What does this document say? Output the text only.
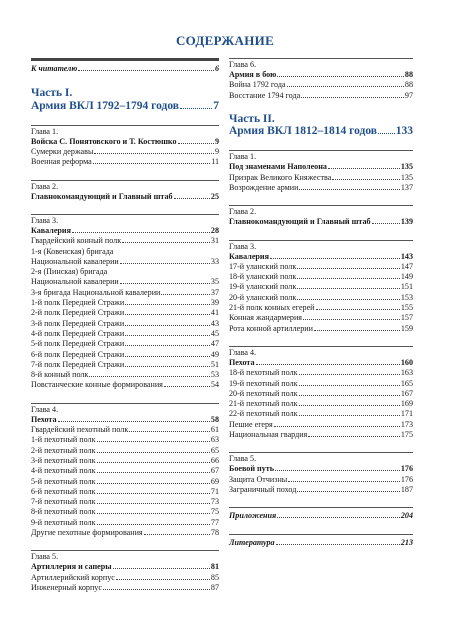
СОДЕРЖАНИЕ
К читателю	6
Часть I.
Армия ВКЛ 1792–1794 годов	7
Глава 1.
Войска С. Понятовского и Т. Костюшко	9
Сумерки державы	9
Военная реформа	11
Глава 2.
Главнокомандующий и Главный штаб	25
Глава 3.
Кавалерия	28
Гвардейский конный полк	31
1-я (Ковенская) бригада
Национальной кавалерии	33
2-я (Пинская) бригада
Национальной кавалерии	35
3-я бригада Национальной кавалерии	37
1-й полк Передней Стражи	39
2-й полк Передней Стражи	41
3-й полк Передней Стражи	43
4-й полк Передней Стражи	45
5-й полк Передней Стражи	47
6-й полк Передней Стражи	49
7-й полк Передней Стражи	51
8-й конный полк	53
Повстанческие конные формирования	54
Глава 4.
Пехота	58
Гвардейский пехотный полк	61
1-й пехотный полк	63
2-й пехотный полк	65
3-й пехотный полк	66
4-й пехотный полк	67
5-й пехотный полк	69
6-й пехотный полк	71
7-й пехотный полк	73
8-й пехотный полк	75
9-й пехотный полк	77
Другие пехотные формирования	78
Глава 5.
Артиллерия и саперы	81
Артиллерийский корпус	85
Инженерный корпус	87
Глава 6.
Армия в бою	88
Война 1792 года	88
Восстание 1794 года	97
Часть II.
Армия ВКЛ 1812–1814 годов 133
Глава 1.
Под знаменами Наполеона	135
Призрак Великого Княжества	135
Возрождение армии	137
Глава 2.
Главнокомандующий и Главный штаб	139
Глава 3.
Кавалерия	143
17-й уланский полк	147
18-й уланский полк	149
19-й уланский полк	151
20-й уланский полк	153
21-й полк конных егерей	155
Конная жандармерия	157
Рота конной артиллерии	159
Глава 4.
Пехота	160
18-й пехотный полк	163
19-й пехотный полк	165
20-й пехотный полк	167
21-й пехотный полк	169
22-й пехотный полк	171
Пешие егеря	173
Национальная гвардия	175
Глава 5.
Боевой путь	176
Защита Отчизны	176
Заграничный поход	187
Приложения	204
Литература	213
